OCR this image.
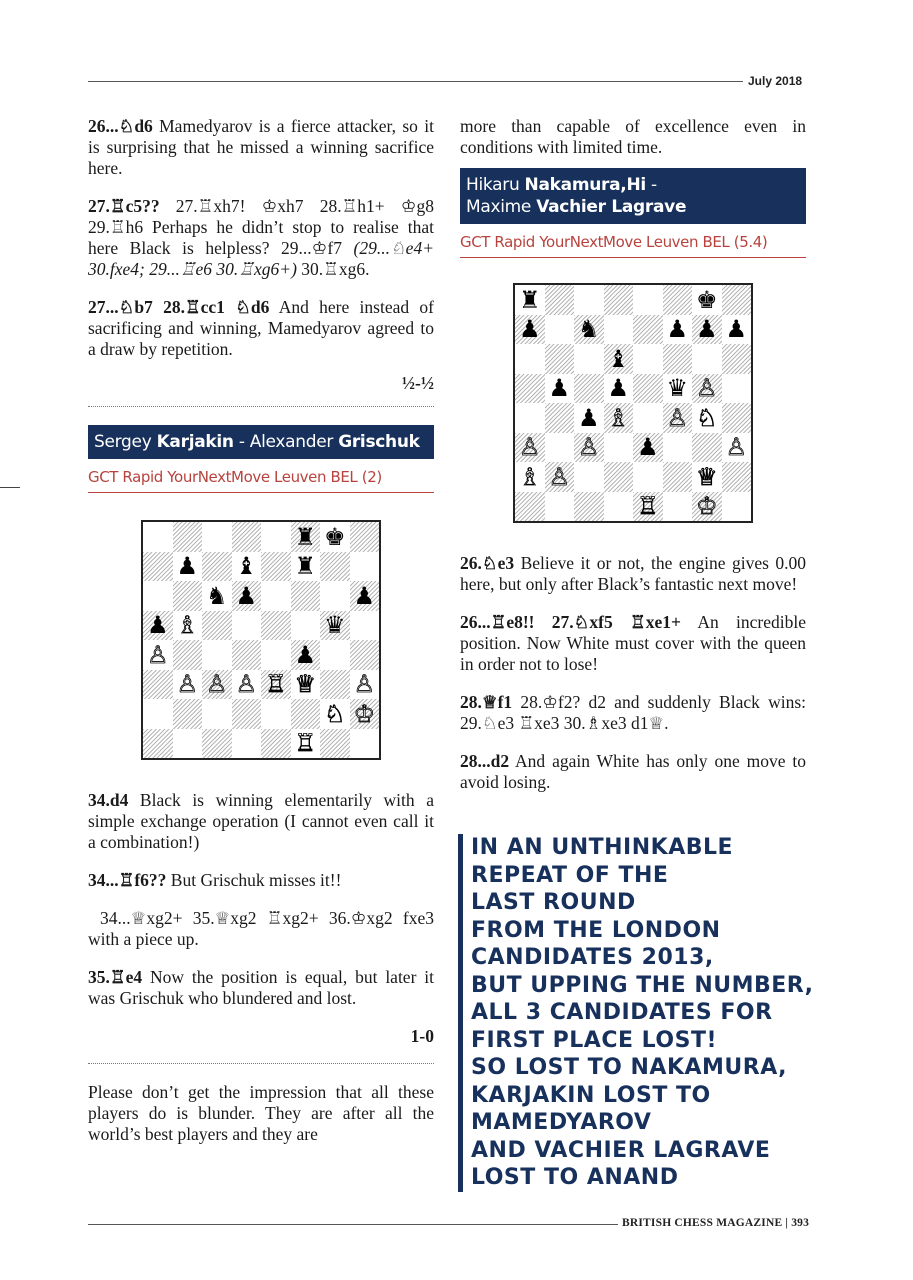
July 2018

26...♘d6 Mamedyarov is a fierce attacker, so it is surprising that he missed a winning sacrifice here.

27.♖c5?? 27.♖xh7! ♔xh7 28.♖h1+ ♔g8 29.♖h6 Perhaps he didn’t stop to realise that here Black is helpless? 29...♔f7 (29...♘e4+ 30.fxe4; 29...♖e6 30.♖xg6+) 30.♖xg6.

27...♘b7 28.♖cc1 ♘d6 And here instead of sacrificing and winning, Mamedyarov agreed to a draw by repetition.

½-½
Sergey Karjakin - Alexander Grischuk
GCT Rapid YourNextMove Leuven BEL (2)
♜ ♚
♟ ♝ ♜
♞ ♟	♟
♟ ♗	♛
♙	♟
♙ ♙ ♙ ♖ ♕ ♙
♘ ♔
♖

34.d4 Black is winning elementarily with a simple exchange operation (I cannot even call it a combination!)

34...♖f6?? But Grischuk misses it!!

34...♕xg2+ 35.♕xg2 ♖xg2+ 36.♔xg2 fxe3 with a piece up.

35.♖e4 Now the position is equal, but later it was Grischuk who blundered and lost.

1-0

Please don’t get the impression that all these players do is blunder. They are after all the world’s best players and they are

more than capable of excellence even in conditions with limited time.

Hikaru Nakamura,Hi -
Maxime Vachier Lagrave
GCT Rapid YourNextMove Leuven BEL (5.4)
♜	♚
♟ ♞	♟ ♟ ♟
♝
♟ ♟ ♛ ♙
♟ ♗ ♙ ♘
♙ ♙ ♟	♙
♗ ♙	♕
♖ ♔

26.♘e3 Believe it or not, the engine gives 0.00 here, but only after Black’s fantastic next move!

26...♖e8!! 27.♘xf5 ♖xe1+ An incredible position. Now White must cover with the queen in order not to lose!

28.♕f1 28.♔f2? d2 and suddenly Black wins: 29.♘e3 ♖xe3 30.♗xe3 d1♕.

28...d2 And again White has only one move to avoid losing.

IN AN UNTHINKABLE
REPEAT OF THE
LAST ROUND
FROM THE LONDON
CANDIDATES 2013,
BUT UPPING THE NUMBER,
ALL 3 CANDIDATES FOR
FIRST PLACE LOST!
SO LOST TO NAKAMURA,
KARJAKIN LOST TO
MAMEDYAROV
AND VACHIER LAGRAVE
LOST TO ANAND
BRITISH CHESS MAGAZINE | 393
